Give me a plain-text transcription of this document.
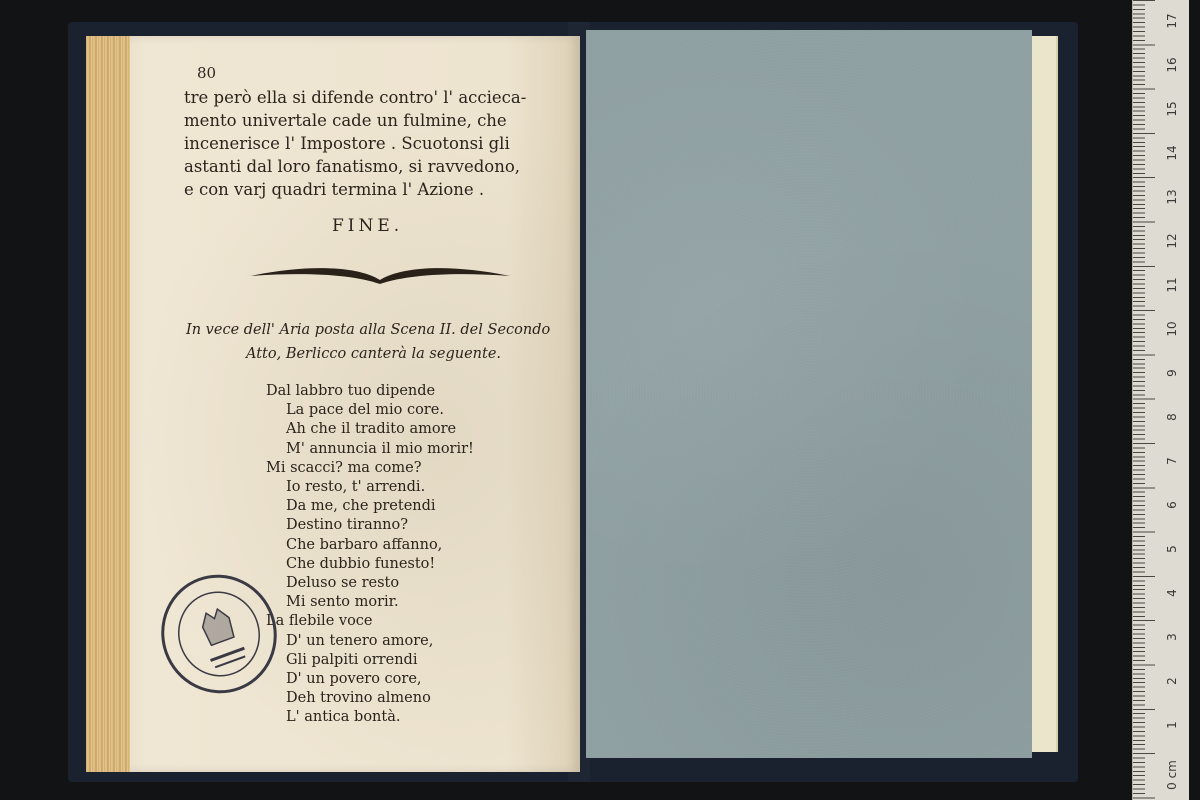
80
tre però ella si difende contro' l' accieca-
mento univertale cade un fulmine, che
incenerisce l' Impostore . Scuotonsi gli
astanti dal loro fanatismo, si ravvedono,
e con varj quadri termina l' Azione .
FINE.
In vece dell' Aria posta alla Scena II. del Secondo
Atto, Berlicco canterà la seguente.
Dal labbro tuo dipende
La pace del mio core.
Ah che il tradito amore
M' annuncia il mio morir!
Mi scacci? ma come?
Io resto, t' arrendi.
Da me, che pretendi
Destino tiranno?
Che barbaro affanno,
Che dubbio funesto!
Deluso se resto
Mi sento morir.
La flebile voce
D' un tenero amore,
Gli palpiti orrendi
D' un povero core,
Deh trovino almeno
L' antica bontà.
17
16
15
14
13
12
11
10
9
8
7
6
5
4
3
2
1
0 cm
